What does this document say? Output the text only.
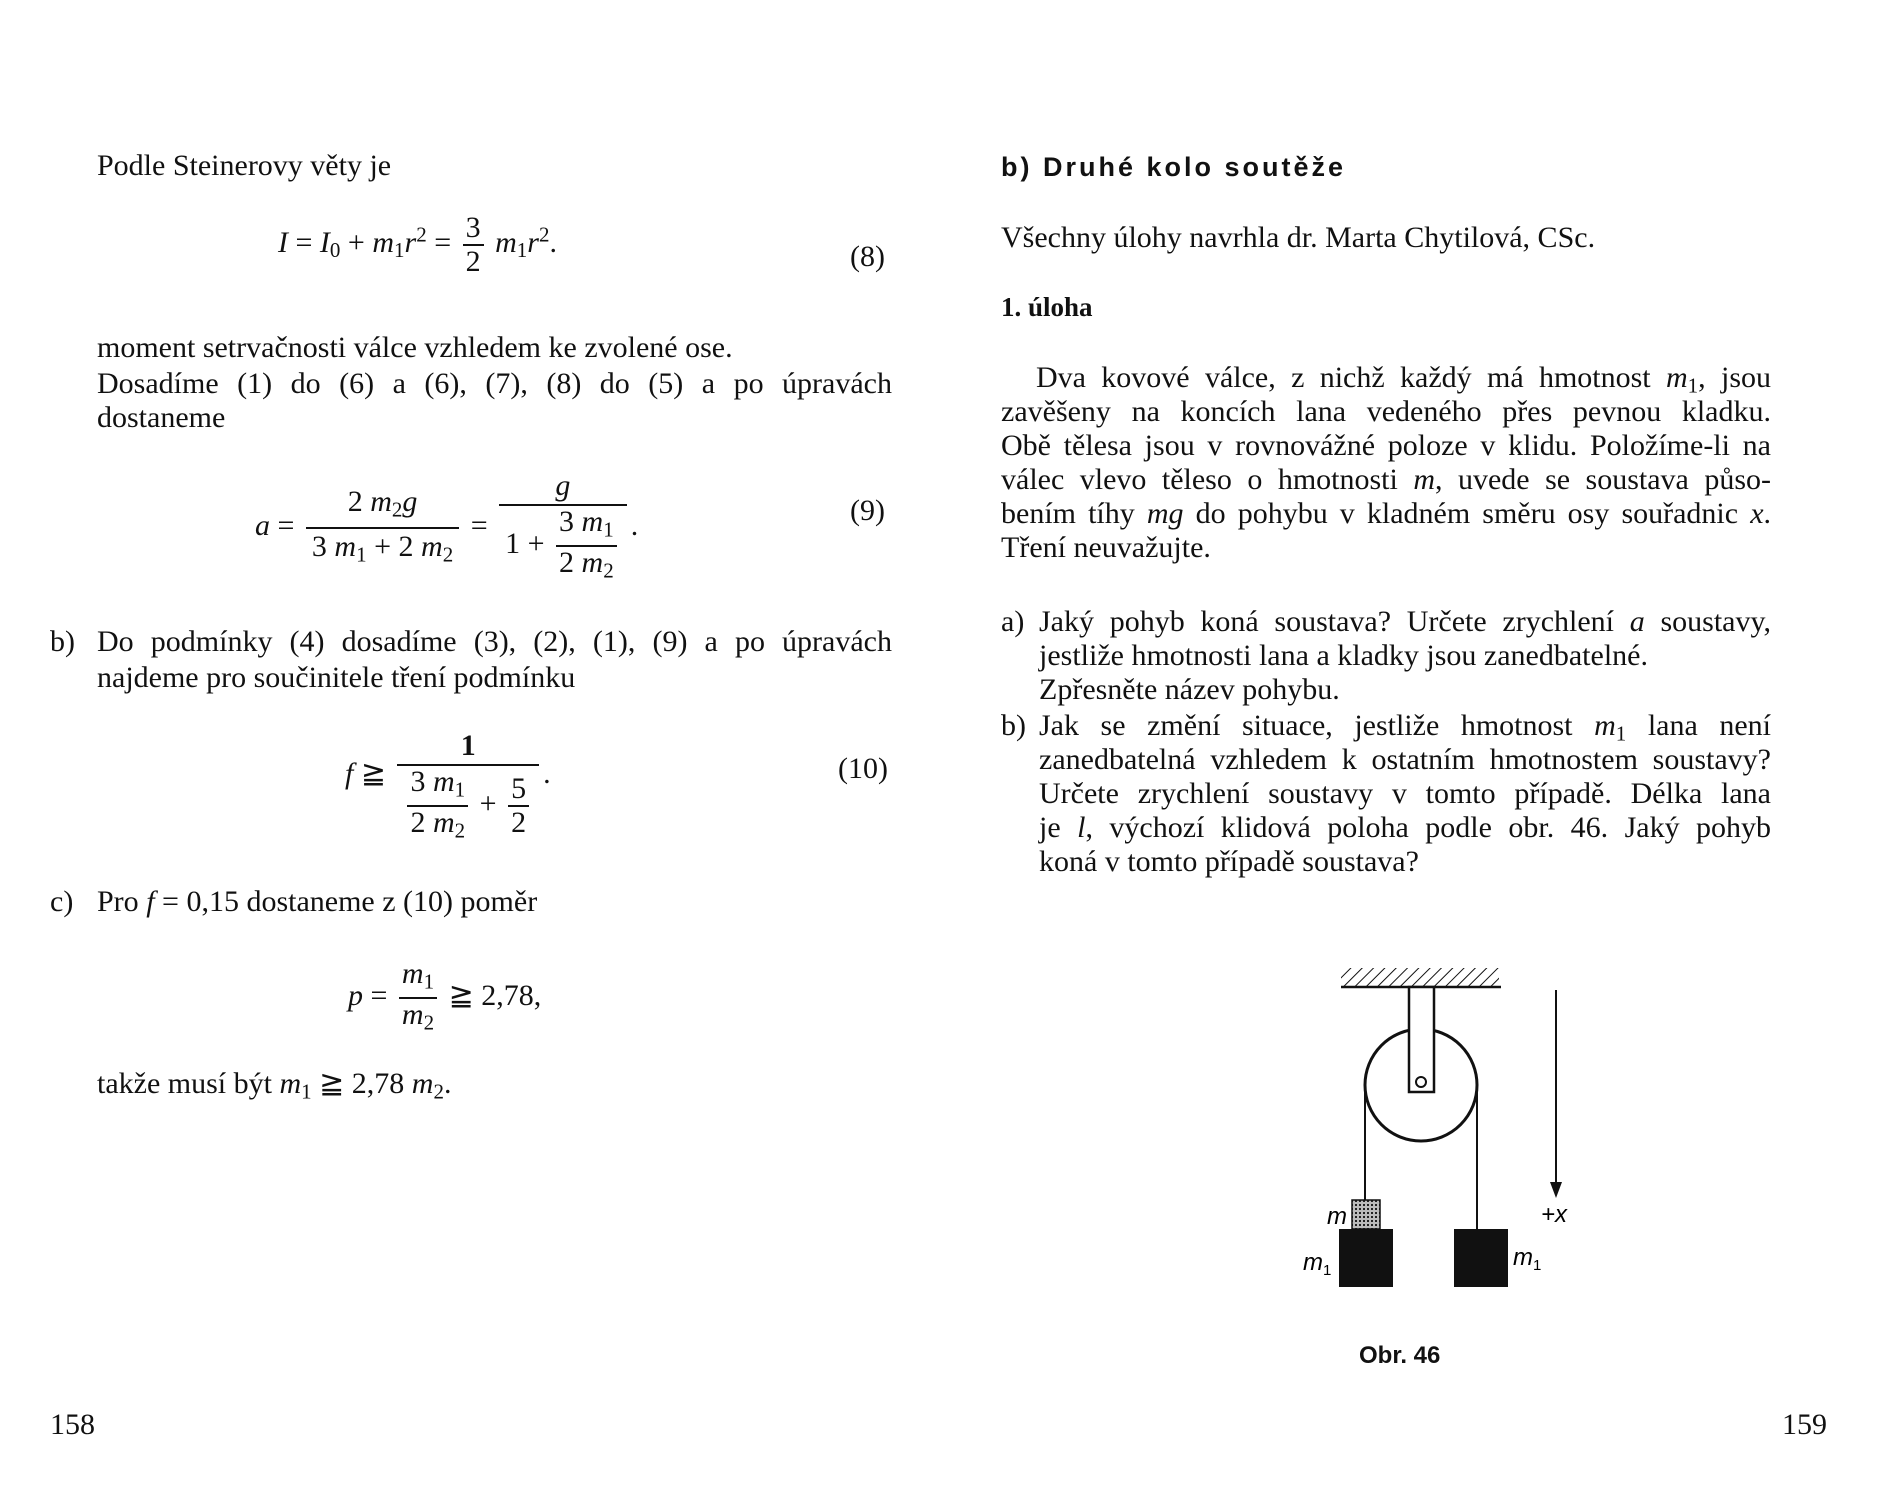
Podle Steinerovy věty je
$I = I_0 + m_1r^2 = \frac{3}{2} m_1r^2$.	(8)
moment setrvačnosti válce vzhledem ke zvolené ose.
Dosadíme (1) do (6) a (6), (7), (8) do (5) a po úpravách
dostaneme
$a = \frac{2 m_2g}{3 m_1 + 2 m_2} = \frac{g}{1 + \frac{3 m_1}{2 m_2}}$ .	(9)
b) Do podmínky (4) dosadíme (3), (2), (1), (9) a po úpravách
najdeme pro součinitele tření podmínku
f ≧ $\frac{1}{\frac{3 m_1}{2 m_2} + \frac{5}{2}}$ .	(10)
c) Pro f = 0,15 dostaneme z (10) poměr
$p = \frac{m_1}{m_2}$ ≧ 2,78,
takže musí být $m_1$ ≧ 2,78 $m_2$.
158
b) Druhé kolo soutěže
Všechny úlohy navrhla dr. Marta Chytilová, CSc.
1. úloha
Dva kovové válce, z nichž každý má hmotnost $m_1$, jsou
zavěšeny na koncích lana vedeného přes pevnou kladku.
Obě tělesa jsou v rovnovážné poloze v klidu. Položíme-li na
válec vlevo těleso o hmotnosti m, uvede se soustava půso-
bením tíhy mg do pohybu v kladném směru osy souřadnic x.
Tření neuvažujte.
a) Jaký pohyb koná soustava? Určete zrychlení a soustavy,
jestliže hmotnosti lana a kladky jsou zanedbatelné.
Zpřesněte název pohybu.
b) Jak se změní situace, jestliže hmotnost $m_1$ lana není
zanedbatelná vzhledem k ostatním hmotnostem soustavy?
Určete zrychlení soustavy v tomto případě. Délka lana
je l, výchozí klidová poloha podle obr. 46. Jaký pohyb
koná v tomto případě soustava?
m
$m_1$	$m_1$
+x
Obr. 46
159
